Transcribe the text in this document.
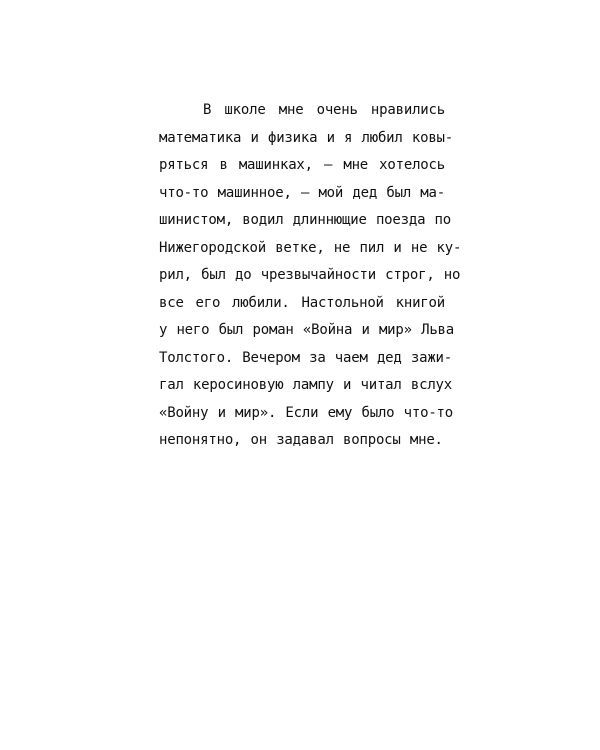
В школе мне очень нравились
математика и физика и я любил ковы-
ряться в машинках, — мне хотелось
что-то машинное, — мой дед был ма-
шинистом, водил длиннющие поезда по
Нижегородской ветке, не пил и не ку-
рил, был до чрезвычайности строг, но
все его любили. Настольной книгой
у него был роман «Война и мир» Льва
Толстого. Вечером за чаем дед зажи-
гал керосиновую лампу и читал вслух
«Войну и мир». Если ему было что-то
непонятно, он задавал вопросы мне.
